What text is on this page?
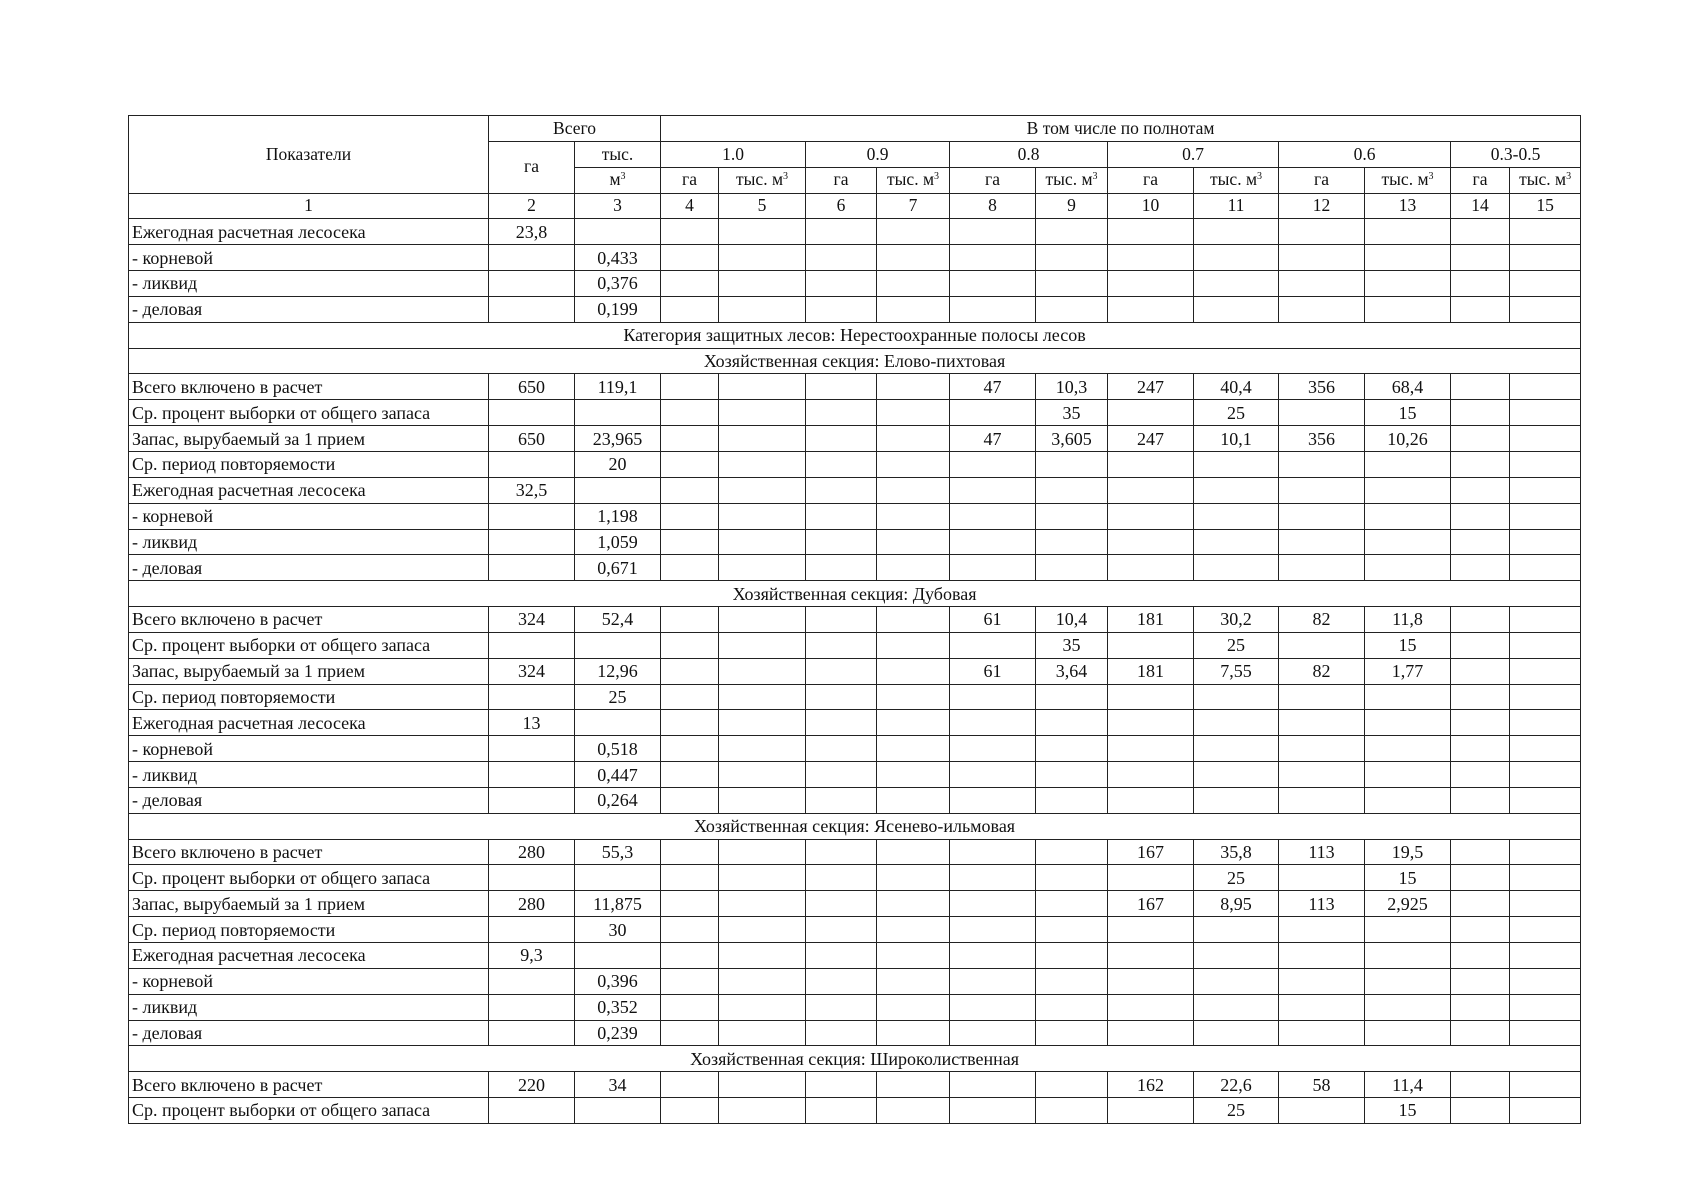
Показатели	Всего		В том числе по полнотам											
	га	тыс.	1.0		0.9		0.8		0.7		0.6		0.3-0.5	
		$м^3$	га	тыс. $м^3$	га	тыс. $м^3$	га	тыс. $м^3$	га	тыс. $м^3$	га	тыс. $м^3$	га	тыс. $м^3$
1	2	3	4	5	6	7	8	9	10	11	12	13	14	15
Ежегодная расчетная лесосека	23,8													
- корневой		0,433												
- ликвид		0,376												
- деловая		0,199												
Категория защитных лесов: Нерестоохранные полосы лесов														
Хозяйственная секция: Елово-пихтовая														
Всего включено в расчет	650	119,1					47	10,3	247	40,4	356	68,4		
Ср. процент выборки от общего запаса								35		25		15		
Запас, вырубаемый за 1 прием	650	23,965					47	3,605	247	10,1	356	10,26		
Ср. период повторяемости		20												
Ежегодная расчетная лесосека	32,5													
- корневой		1,198												
- ликвид		1,059												
- деловая		0,671												
Хозяйственная секция: Дубовая														
Всего включено в расчет	324	52,4					61	10,4	181	30,2	82	11,8		
Ср. процент выборки от общего запаса								35		25		15		
Запас, вырубаемый за 1 прием	324	12,96					61	3,64	181	7,55	82	1,77		
Ср. период повторяемости		25												
Ежегодная расчетная лесосека	13													
- корневой		0,518												
- ликвид		0,447												
- деловая		0,264												
Хозяйственная секция: Ясенево-ильмовая														
Всего включено в расчет	280	55,3							167	35,8	113	19,5		
Ср. процент выборки от общего запаса										25		15		
Запас, вырубаемый за 1 прием	280	11,875							167	8,95	113	2,925		
Ср. период повторяемости		30												
Ежегодная расчетная лесосека	9,3													
- корневой		0,396												
- ликвид		0,352												
- деловая		0,239												
Хозяйственная секция: Широколиственная														
Всего включено в расчет	220	34							162	22,6	58	11,4		
Ср. процент выборки от общего запаса										25		15		
